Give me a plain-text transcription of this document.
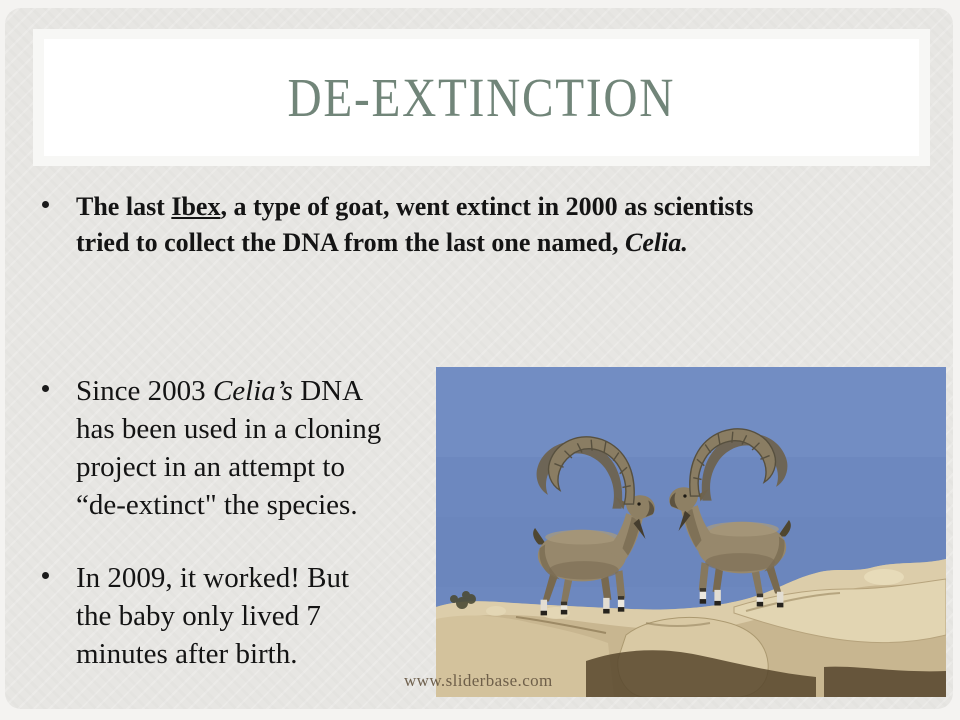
DE-EXTINCTION

The last Ibex, a type of goat, went extinct in 2000 as scientists
tried to collect the DNA from the last one named, Celia.

Since 2003 Celia’s DNA
has been used in a cloning
project in an attempt to
“de-extinct" the species.

In 2009, it worked! But
the baby only lived 7
minutes after birth.

www.sliderbase.com
